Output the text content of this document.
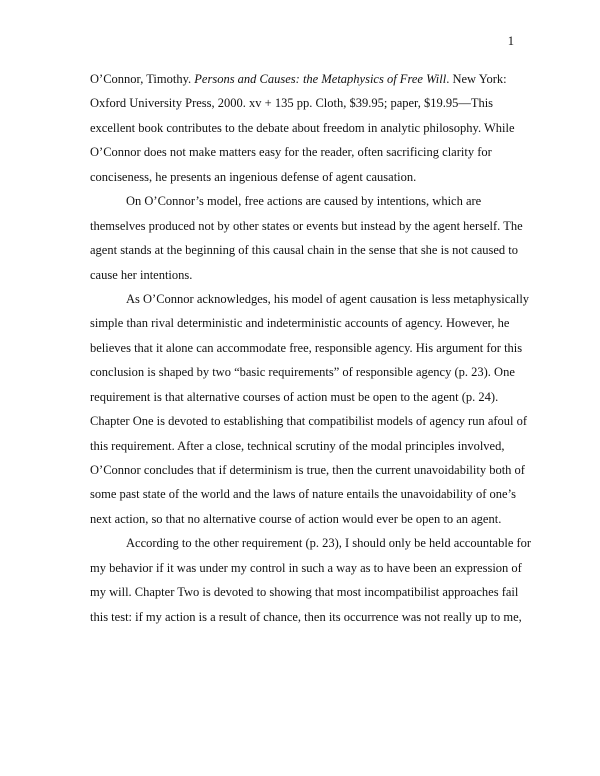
1
O’Connor, Timothy. Persons and Causes: the Metaphysics of Free Will. New York:
Oxford University Press, 2000. xv + 135 pp. Cloth, $39.95; paper, $19.95—This
excellent book contributes to the debate about freedom in analytic philosophy. While
O’Connor does not make matters easy for the reader, often sacrificing clarity for
conciseness, he presents an ingenious defense of agent causation.
On O’Connor’s model, free actions are caused by intentions, which are
themselves produced not by other states or events but instead by the agent herself. The
agent stands at the beginning of this causal chain in the sense that she is not caused to
cause her intentions.
As O’Connor acknowledges, his model of agent causation is less metaphysically
simple than rival deterministic and indeterministic accounts of agency. However, he
believes that it alone can accommodate free, responsible agency. His argument for this
conclusion is shaped by two “basic requirements” of responsible agency (p. 23). One
requirement is that alternative courses of action must be open to the agent (p. 24).
Chapter One is devoted to establishing that compatibilist models of agency run afoul of
this requirement. After a close, technical scrutiny of the modal principles involved,
O’Connor concludes that if determinism is true, then the current unavoidability both of
some past state of the world and the laws of nature entails the unavoidability of one’s
next action, so that no alternative course of action would ever be open to an agent.
According to the other requirement (p. 23), I should only be held accountable for
my behavior if it was under my control in such a way as to have been an expression of
my will. Chapter Two is devoted to showing that most incompatibilist approaches fail
this test: if my action is a result of chance, then its occurrence was not really up to me,
